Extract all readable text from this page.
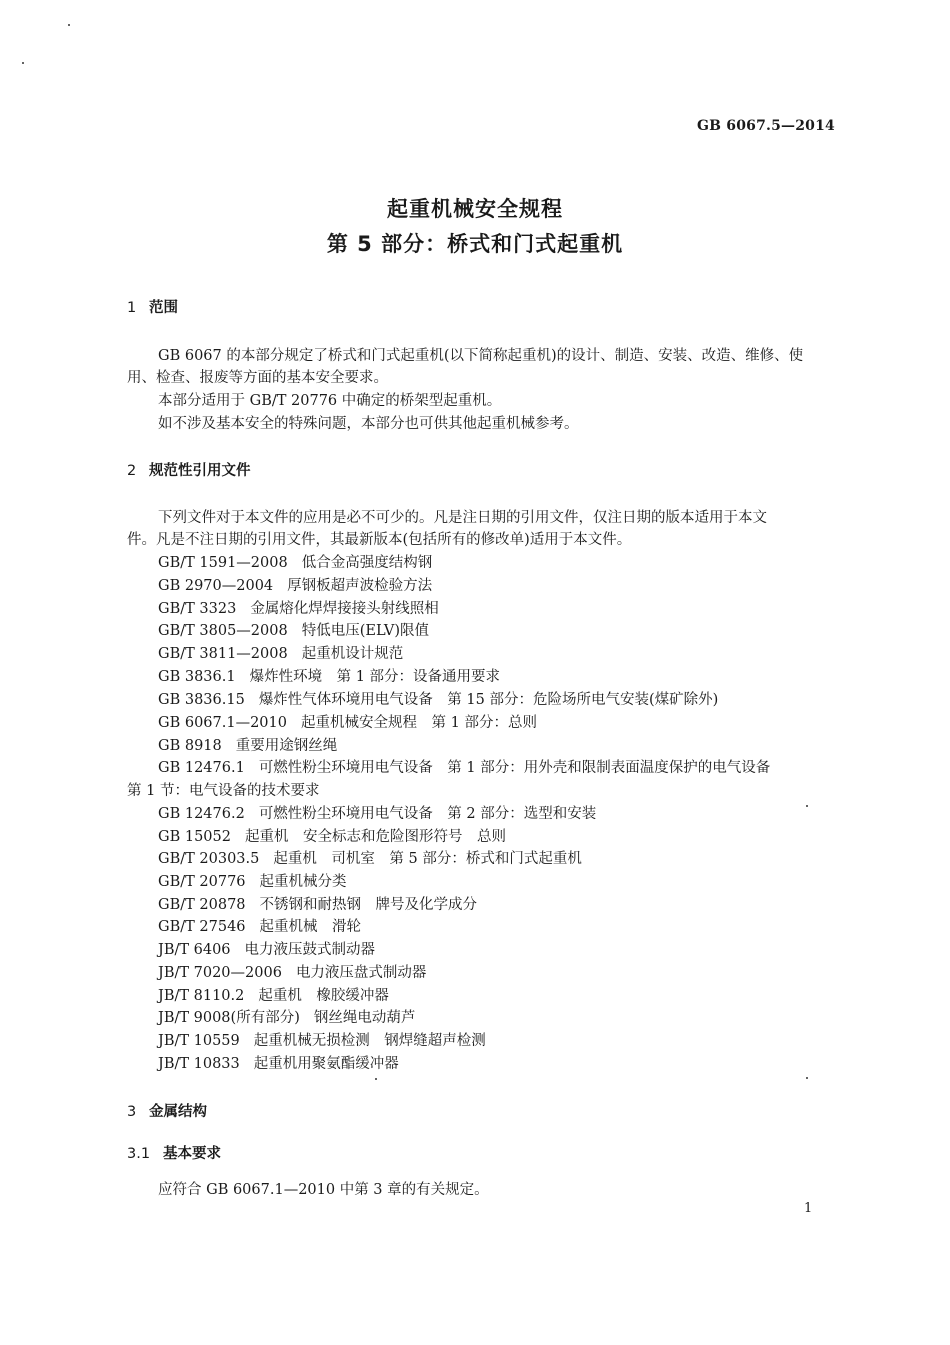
GB 6067.5—2014
起重机械安全规程
第 5 部分：桥式和门式起重机
1 范围
GB 6067 的本部分规定了桥式和门式起重机(以下简称起重机)的设计、制造、安装、改造、维修、使
用、检查、报废等方面的基本安全要求。
本部分适用于 GB/T 20776 中确定的桥架型起重机。
如不涉及基本安全的特殊问题，本部分也可供其他起重机械参考。
2 规范性引用文件
下列文件对于本文件的应用是必不可少的。凡是注日期的引用文件，仅注日期的版本适用于本文
件。凡是不注日期的引用文件，其最新版本(包括所有的修改单)适用于本文件。
GB/T 1591—2008 低合金高强度结构钢
GB 2970—2004 厚钢板超声波检验方法
GB/T 3323 金属熔化焊焊接接头射线照相
GB/T 3805—2008 特低电压(ELV)限值
GB/T 3811—2008 起重机设计规范
GB 3836.1 爆炸性环境　第 1 部分：设备通用要求
GB 3836.15 爆炸性气体环境用电气设备　第 15 部分：危险场所电气安装(煤矿除外)
GB 6067.1—2010 起重机械安全规程　第 1 部分：总则
GB 8918 重要用途钢丝绳
GB 12476.1 可燃性粉尘环境用电气设备　第 1 部分：用外壳和限制表面温度保护的电气设备
第 1 节：电气设备的技术要求
GB 12476.2 可燃性粉尘环境用电气设备　第 2 部分：选型和安装
GB 15052 起重机　安全标志和危险图形符号　总则
GB/T 20303.5 起重机　司机室　第 5 部分：桥式和门式起重机
GB/T 20776 起重机械分类
GB/T 20878 不锈钢和耐热钢　牌号及化学成分
GB/T 27546 起重机械　滑轮
JB/T 6406 电力液压鼓式制动器
JB/T 7020—2006 电力液压盘式制动器
JB/T 8110.2 起重机　橡胶缓冲器
JB/T 9008(所有部分) 钢丝绳电动葫芦
JB/T 10559 起重机械无损检测　钢焊缝超声检测
JB/T 10833 起重机用聚氨酯缓冲器
3 金属结构
3.1 基本要求
应符合 GB 6067.1—2010 中第 3 章的有关规定。
1
